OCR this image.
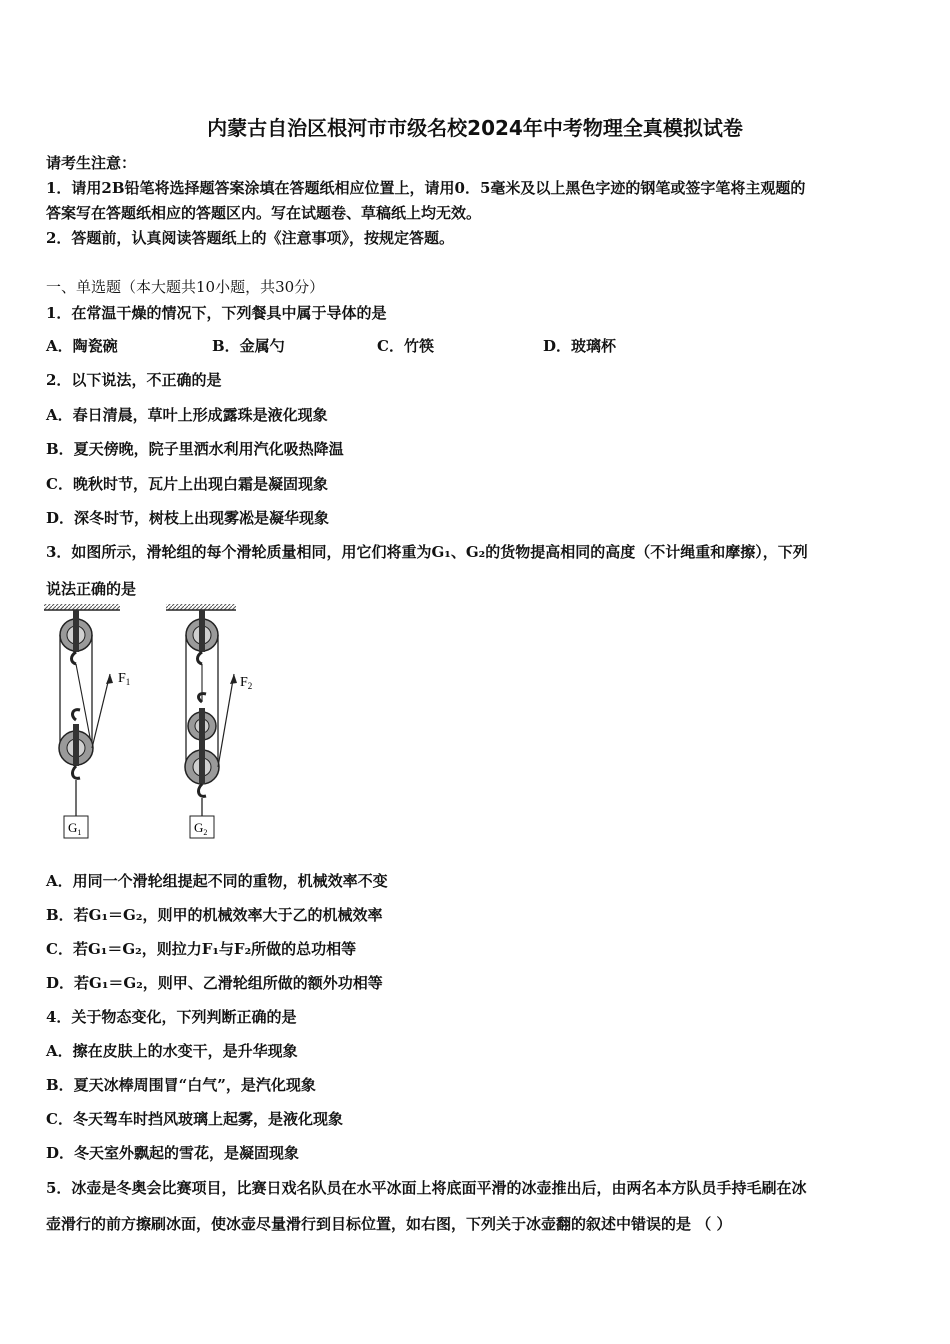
内蒙古自治区根河市市级名校2024年中考物理全真模拟试卷
请考生注意：
1．请用2B铅笔将选择题答案涂填在答题纸相应位置上，请用0．5毫米及以上黑色字迹的钢笔或签字笔将主观题的
答案写在答题纸相应的答题区内。写在试题卷、草稿纸上均无效。
2．答题前，认真阅读答题纸上的《注意事项》，按规定答题。
一、单选题（本大题共10小题，共30分）
1．在常温干燥的情况下，下列餐具中属于导体的是
A．陶瓷碗	B．金属勺	C．竹筷	D．玻璃杯
2．以下说法，不正确的是
A．春日清晨，草叶上形成露珠是液化现象
B．夏天傍晚，院子里洒水利用汽化吸热降温
C．晚秋时节，瓦片上出现白霜是凝固现象
D．深冬时节，树枝上出现雾凇是凝华现象
3．如图所示，滑轮组的每个滑轮质量相同，用它们将重为G₁、G₂的货物提高相同的高度（不计绳重和摩擦），下列
说法正确的是
$F_1$
$G_1$
$F_2$
$G_2$
A．用同一个滑轮组提起不同的重物，机械效率不变
B．若G₁＝G₂，则甲的机械效率大于乙的机械效率
C．若G₁＝G₂，则拉力F₁与F₂所做的总功相等
D．若G₁＝G₂，则甲、乙滑轮组所做的额外功相等
4．关于物态变化，下列判断正确的是
A．擦在皮肤上的水变干，是升华现象
B．夏天冰棒周围冒“白气”，是汽化现象
C．冬天驾车时挡风玻璃上起雾，是液化现象
D．冬天室外飘起的雪花，是凝固现象
5．冰壶是冬奥会比赛项目，比赛日戏名队员在水平冰面上将底面平滑的冰壶推出后，由两名本方队员手持毛刷在冰
壶滑行的前方擦刷冰面，使冰壶尽量滑行到目标位置，如右图，下列关于冰壶翻的叙述中错误的是 （ ）
